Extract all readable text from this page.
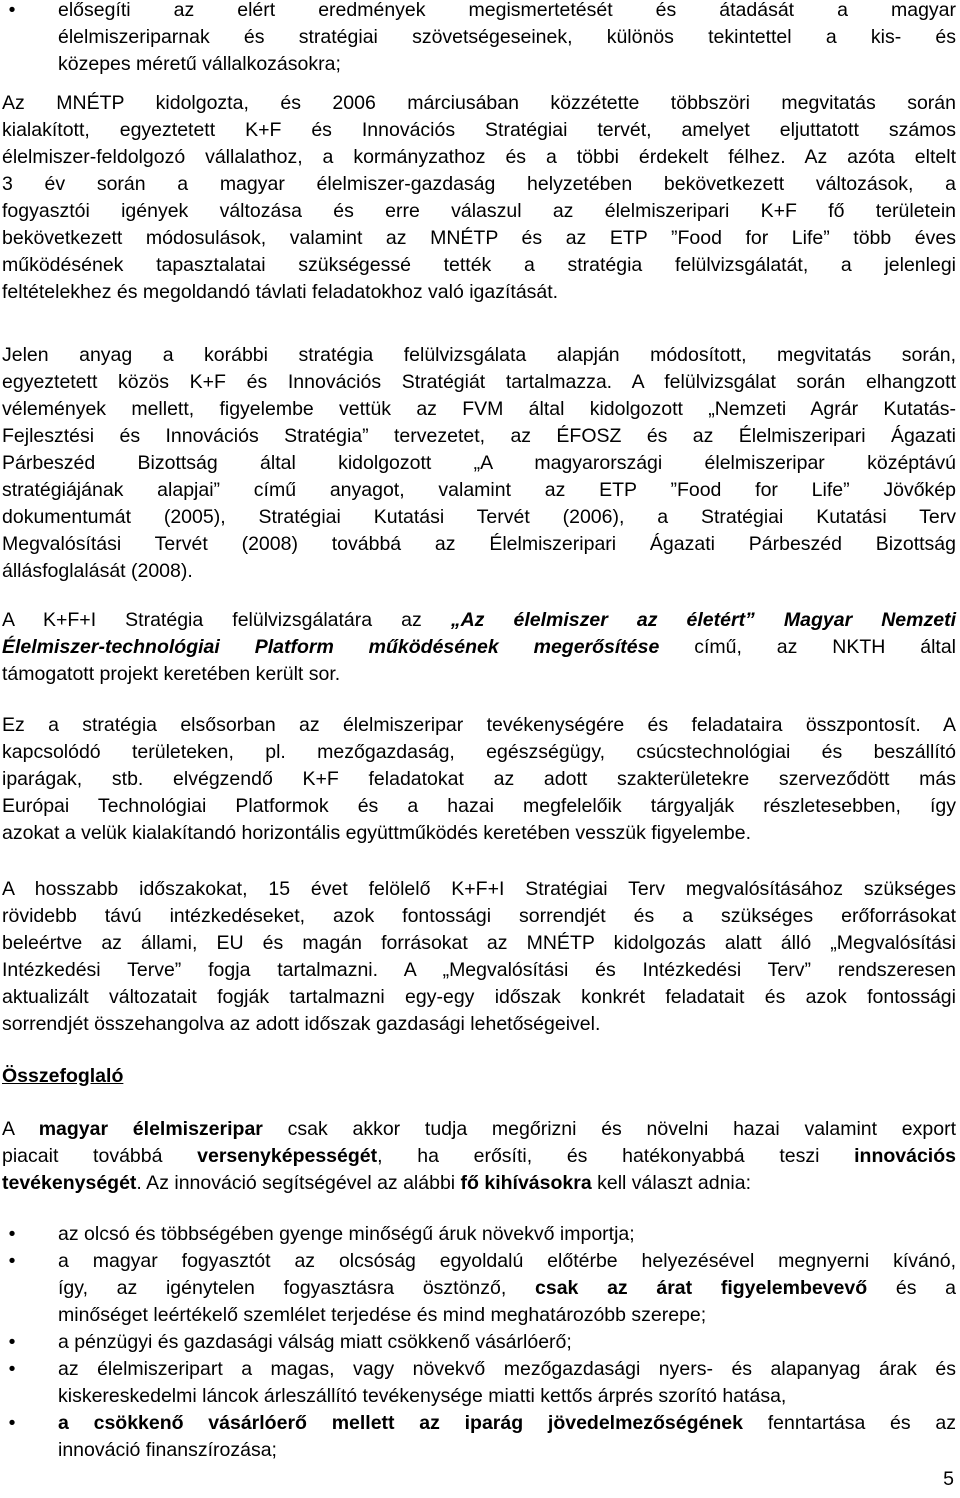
•	elősegíti az elért eredmények megismertetését és átadását a magyar
élelmiszeriparnak és stratégiai szövetségeseinek, különös tekintettel a kis- és
közepes méretű vállalkozásokra;
Az MNÉTP kidolgozta, és 2006 márciusában közzétette többszöri megvitatás során
kialakított, egyeztetett K+F és Innovációs Stratégiai tervét, amelyet eljuttatott számos
élelmiszer-feldolgozó vállalathoz, a kormányzathoz és a többi érdekelt félhez. Az azóta eltelt
3 év során a magyar élelmiszer-gazdaság helyzetében bekövetkezett változások, a
fogyasztói igények változása és erre válaszul az élelmiszeripari K+F fő területein
bekövetkezett módosulások, valamint az MNÉTP és az ETP ”Food for Life” több éves
működésének tapasztalatai szükségessé tették a stratégia felülvizsgálatát, a jelenlegi
feltételekhez és megoldandó távlati feladatokhoz való igazítását.
Jelen anyag a korábbi stratégia felülvizsgálata alapján módosított, megvitatás során,
egyeztetett közös K+F és Innovációs Stratégiát tartalmazza. A felülvizsgálat során elhangzott
vélemények mellett, figyelembe vettük az FVM által kidolgozott „Nemzeti Agrár Kutatás-
Fejlesztési és Innovációs Stratégia” tervezetet, az ÉFOSZ és az Élelmiszeripari Ágazati
Párbeszéd Bizottság által kidolgozott „A magyarországi élelmiszeripar középtávú
stratégiájának alapjai” című anyagot, valamint az ETP ”Food for Life” Jövőkép
dokumentumát (2005), Stratégiai Kutatási Tervét (2006), a Stratégiai Kutatási Terv
Megvalósítási Tervét (2008) továbbá az Élelmiszeripari Ágazati Párbeszéd Bizottság
állásfoglalását (2008).
A K+F+I Stratégia felülvizsgálatára az „Az élelmiszer az életért” Magyar Nemzeti
Élelmiszer-technológiai Platform működésének megerősítése című, az NKTH által
támogatott projekt keretében került sor.
Ez a stratégia elsősorban az élelmiszeripar tevékenységére és feladataira összpontosít. A
kapcsolódó területeken, pl. mezőgazdaság, egészségügy, csúcstechnológiai és beszállító
iparágak, stb. elvégzendő K+F feladatokat az adott szakterületekre szerveződött más
Európai Technológiai Platformok és a hazai megfelelőik tárgyalják részletesebben, így
azokat a velük kialakítandó horizontális együttműködés keretében vesszük figyelembe.
A hosszabb időszakokat, 15 évet felölelő K+F+I Stratégiai Terv megvalósításához szükséges
rövidebb távú intézkedéseket, azok fontossági sorrendjét és a szükséges erőforrásokat
beleértve az állami, EU és magán forrásokat az MNÉTP kidolgozás alatt álló „Megvalósítási
Intézkedési Terve” fogja tartalmazni. A „Megvalósítási és Intézkedési Terv” rendszeresen
aktualizált változatait fogják tartalmazni egy-egy időszak konkrét feladatait és azok fontossági
sorrendjét összehangolva az adott időszak gazdasági lehetőségeivel.
Összefoglaló
A magyar élelmiszeripar csak akkor tudja megőrizni és növelni hazai valamint export
piacait továbbá versenyképességét, ha erősíti, és hatékonyabbá teszi innovációs
tevékenységét. Az innováció segítségével az alábbi fő kihívásokra kell választ adnia:
•	az olcsó és többségében gyenge minőségű áruk növekvő importja;
•	a magyar fogyasztót az olcsóság egyoldalú előtérbe helyezésével megnyerni kívánó,
így, az igénytelen fogyasztásra ösztönző, csak az árat figyelembevevő és a
minőséget leértékelő szemlélet terjedése és mind meghatározóbb szerepe;
•	a pénzügyi és gazdasági válság miatt csökkenő vásárlóerő;
•	az élelmiszeripart a magas, vagy növekvő mezőgazdasági nyers- és alapanyag árak és
kiskereskedelmi láncok árleszállító tevékenysége miatti kettős árprés szorító hatása,
•	a csökkenő vásárlóerő mellett az iparág jövedelmezőségének fenntartása és az
innováció finanszírozása;
5
